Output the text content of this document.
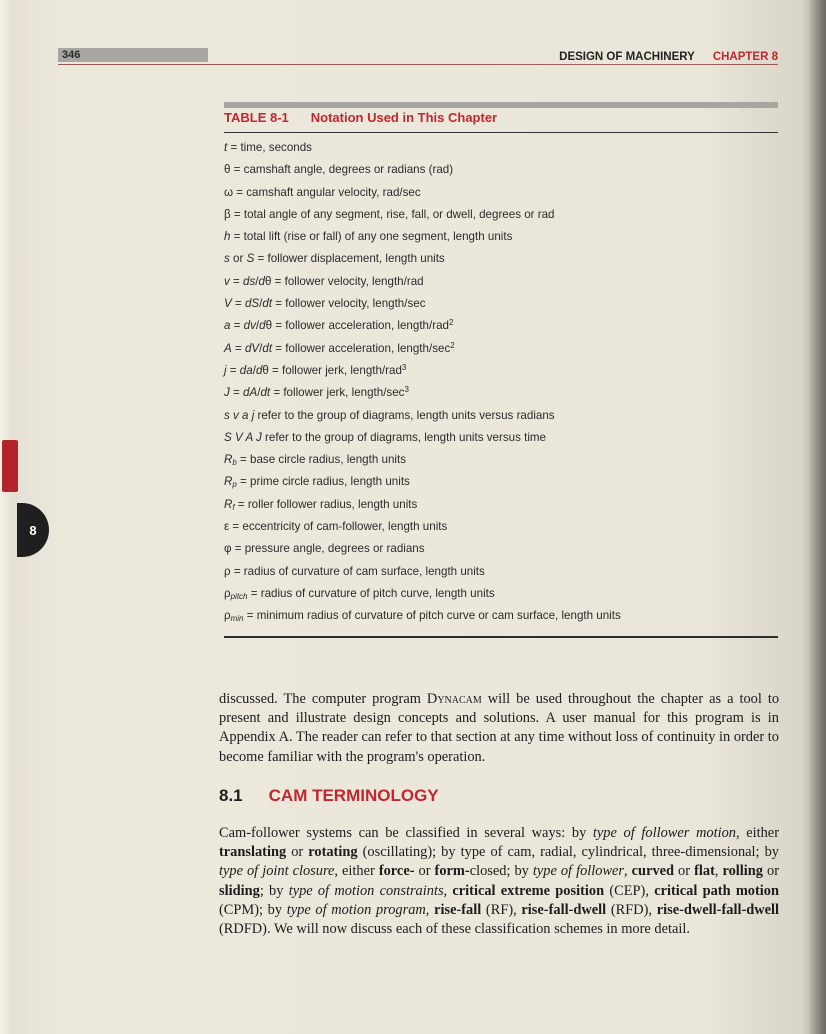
8
346	DESIGN OF MACHINERY CHAPTER 8
TABLE 8-1 Notation Used in This Chapter
t = time, seconds
θ = camshaft angle, degrees or radians (rad)
ω = camshaft angular velocity, rad/sec
β = total angle of any segment, rise, fall, or dwell, degrees or rad
h = total lift (rise or fall) of any one segment, length units
s or S = follower displacement, length units
v = ds/dθ = follower velocity, length/rad
V = dS/dt = follower velocity, length/sec
a = dv/dθ = follower acceleration, length/rad$^2$
A = dV/dt = follower acceleration, length/$\sec^2$
j = da/dθ = follower jerk, length/rad$^3$
J = dA/dt = follower jerk, length/$\sec^3$
s v a j refer to the group of diagrams, length units versus radians
S V A J refer to the group of diagrams, length units versus time
$R_b$ = base circle radius, length units
$R_p$ = prime circle radius, length units
$R_f$ = roller follower radius, length units
ε = eccentricity of cam-follower, length units
φ = pressure angle, degrees or radians
ρ = radius of curvature of cam surface, length units
$\rho_{pitch}$ = radius of curvature of pitch curve, length units
$\rho_{min}$ = minimum radius of curvature of pitch curve or cam surface, length units

discussed. The computer program Dynacam will be used throughout the chapter as a tool to present and illustrate design concepts and solutions. A user manual for this program is in Appendix A. The reader can refer to that section at any time without loss of continuity in order to become familiar with the program's operation.

8.1 CAM TERMINOLOGY

Cam-follower systems can be classified in several ways: by type of follower motion, either translating or rotating (oscillating); by type of cam, radial, cylindrical, three-dimensional; by type of joint closure, either force- or form-closed; by type of follower, curved or flat, rolling or sliding; by type of motion constraints, critical extreme position (CEP), critical path motion (CPM); by type of motion program, rise-fall (RF), rise-fall-dwell (RFD), rise-dwell-fall-dwell (RDFD). We will now discuss each of these classification schemes in more detail.
